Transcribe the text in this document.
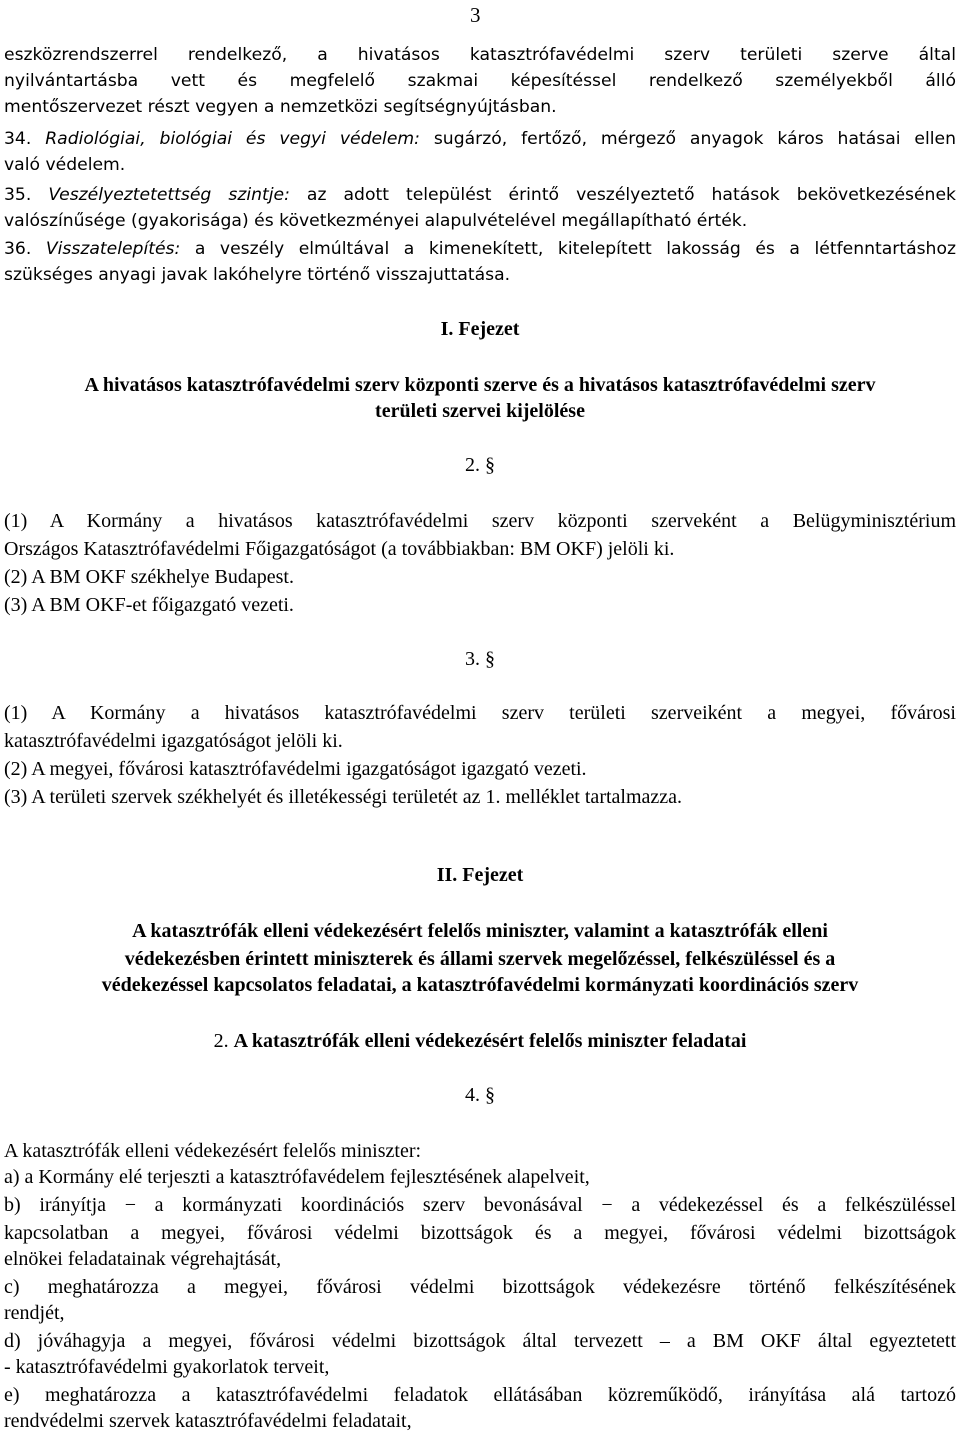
3
eszközrendszerrel rendelkező, a hivatásos katasztrófavédelmi szerv területi szerve által
nyilvántartásba vett és megfelelő szakmai képesítéssel rendelkező személyekből álló
mentőszervezet részt vegyen a nemzetközi segítségnyújtásban.
34. Radiológiai, biológiai és vegyi védelem: sugárzó, fertőző, mérgező anyagok káros hatásai ellen
való védelem.
35. Veszélyeztetettség szintje: az adott települést érintő veszélyeztető hatások bekövetkezésének
valószínűsége (gyakorisága) és következményei alapulvételével megállapítható érték.
36. Visszatelepítés: a veszély elmúltával a kimenekített, kitelepített lakosság és a létfenntartáshoz
szükséges anyagi javak lakóhelyre történő visszajuttatása.
I. Fejezet
A hivatásos katasztrófavédelmi szerv központi szerve és a hivatásos katasztrófavédelmi szerv
területi szervei kijelölése
2. §
(1) A Kormány a hivatásos katasztrófavédelmi szerv központi szerveként a Belügyminisztérium
Országos Katasztrófavédelmi Főigazgatóságot (a továbbiakban: BM OKF) jelöli ki.
(2) A BM OKF székhelye Budapest.
(3) A BM OKF-et főigazgató vezeti.
3. §
(1) A Kormány a hivatásos katasztrófavédelmi szerv területi szerveiként a megyei, fővárosi
katasztrófavédelmi igazgatóságot jelöli ki.
(2) A megyei, fővárosi katasztrófavédelmi igazgatóságot igazgató vezeti.
(3) A területi szervek székhelyét és illetékességi területét az 1. melléklet tartalmazza.
II. Fejezet
A katasztrófák elleni védekezésért felelős miniszter, valamint a katasztrófák elleni
védekezésben érintett miniszterek és állami szervek megelőzéssel, felkészüléssel és a
védekezéssel kapcsolatos feladatai, a katasztrófavédelmi kormányzati koordinációs szerv
2. A katasztrófák elleni védekezésért felelős miniszter feladatai
4. §
A katasztrófák elleni védekezésért felelős miniszter:
a) a Kormány elé terjeszti a katasztrófavédelem fejlesztésének alapelveit,
b) irányítja − a kormányzati koordinációs szerv bevonásával − a védekezéssel és a felkészüléssel
kapcsolatban a megyei, fővárosi védelmi bizottságok és a megyei, fővárosi védelmi bizottságok
elnökei feladatainak végrehajtását,
c) meghatározza a megyei, fővárosi védelmi bizottságok védekezésre történő felkészítésének
rendjét,
d) jóváhagyja a megyei, fővárosi védelmi bizottságok által tervezett – a BM OKF által egyeztetett
- katasztrófavédelmi gyakorlatok terveit,
e) meghatározza a katasztrófavédelmi feladatok ellátásában közreműködő, irányítása alá tartozó
rendvédelmi szervek katasztrófavédelmi feladatait,
